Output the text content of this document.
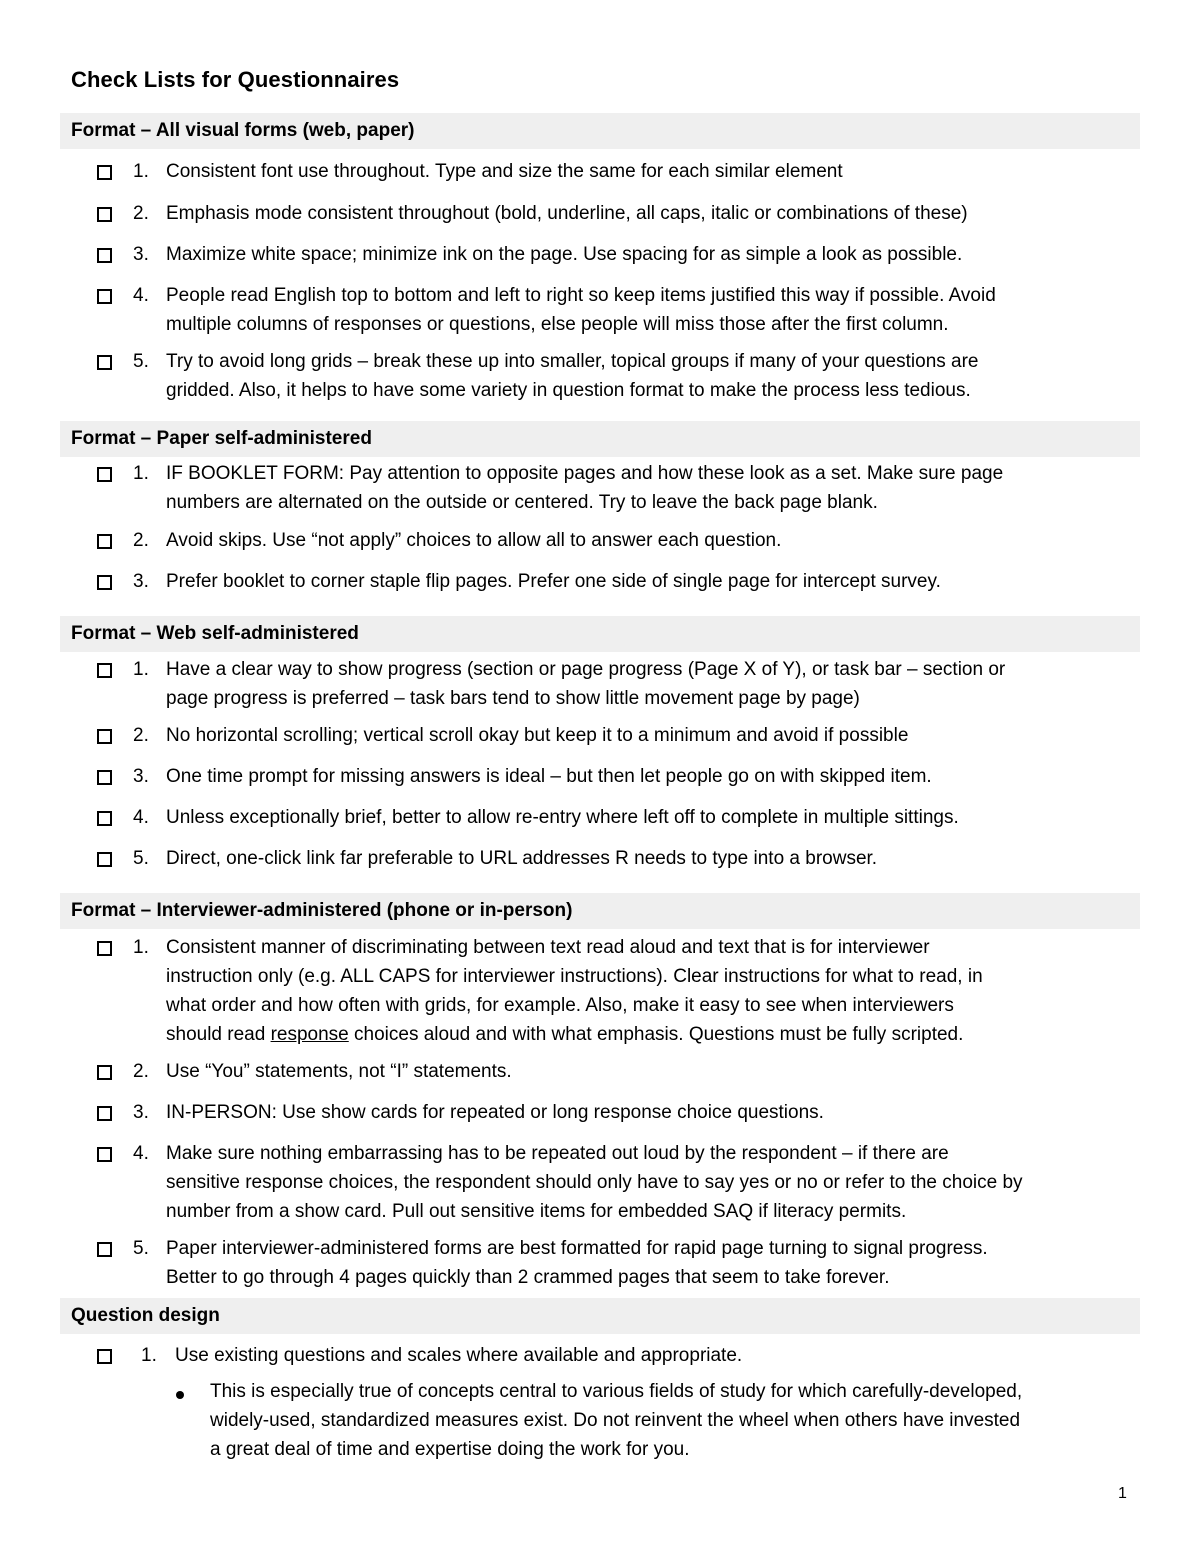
Check Lists for Questionnaires
Format – All visual forms (web, paper)
1. Consistent font use throughout. Type and size the same for each similar element
2. Emphasis mode consistent throughout (bold, underline, all caps, italic or combinations of these)
3. Maximize white space; minimize ink on the page. Use spacing for as simple a look as possible.
4. People read English top to bottom and left to right so keep items justified this way if possible. Avoid
multiple columns of responses or questions, else people will miss those after the first column.
5. Try to avoid long grids – break these up into smaller, topical groups if many of your questions are
gridded. Also, it helps to have some variety in question format to make the process less tedious.
Format – Paper self-administered
1. IF BOOKLET FORM: Pay attention to opposite pages and how these look as a set. Make sure page
numbers are alternated on the outside or centered. Try to leave the back page blank.
2. Avoid skips. Use “not apply” choices to allow all to answer each question.
3. Prefer booklet to corner staple flip pages. Prefer one side of single page for intercept survey.
Format – Web self-administered
1. Have a clear way to show progress (section or page progress (Page X of Y), or task bar – section or
page progress is preferred – task bars tend to show little movement page by page)
2. No horizontal scrolling; vertical scroll okay but keep it to a minimum and avoid if possible
3. One time prompt for missing answers is ideal – but then let people go on with skipped item.
4. Unless exceptionally brief, better to allow re-entry where left off to complete in multiple sittings.
5. Direct, one-click link far preferable to URL addresses R needs to type into a browser.
Format – Interviewer-administered (phone or in-person)
1. Consistent manner of discriminating between text read aloud and text that is for interviewer
instruction only (e.g. ALL CAPS for interviewer instructions). Clear instructions for what to read, in
what order and how often with grids, for example. Also, make it easy to see when interviewers
should read response choices aloud and with what emphasis. Questions must be fully scripted.
2. Use “You” statements, not “I” statements.
3. IN-PERSON: Use show cards for repeated or long response choice questions.
4. Make sure nothing embarrassing has to be repeated out loud by the respondent – if there are
sensitive response choices, the respondent should only have to say yes or no or refer to the choice by
number from a show card. Pull out sensitive items for embedded SAQ if literacy permits.
5. Paper interviewer-administered forms are best formatted for rapid page turning to signal progress.
Better to go through 4 pages quickly than 2 crammed pages that seem to take forever.
Question design
1. Use existing questions and scales where available and appropriate.
This is especially true of concepts central to various fields of study for which carefully-developed,
widely-used, standardized measures exist. Do not reinvent the wheel when others have invested
a great deal of time and expertise doing the work for you.
1
